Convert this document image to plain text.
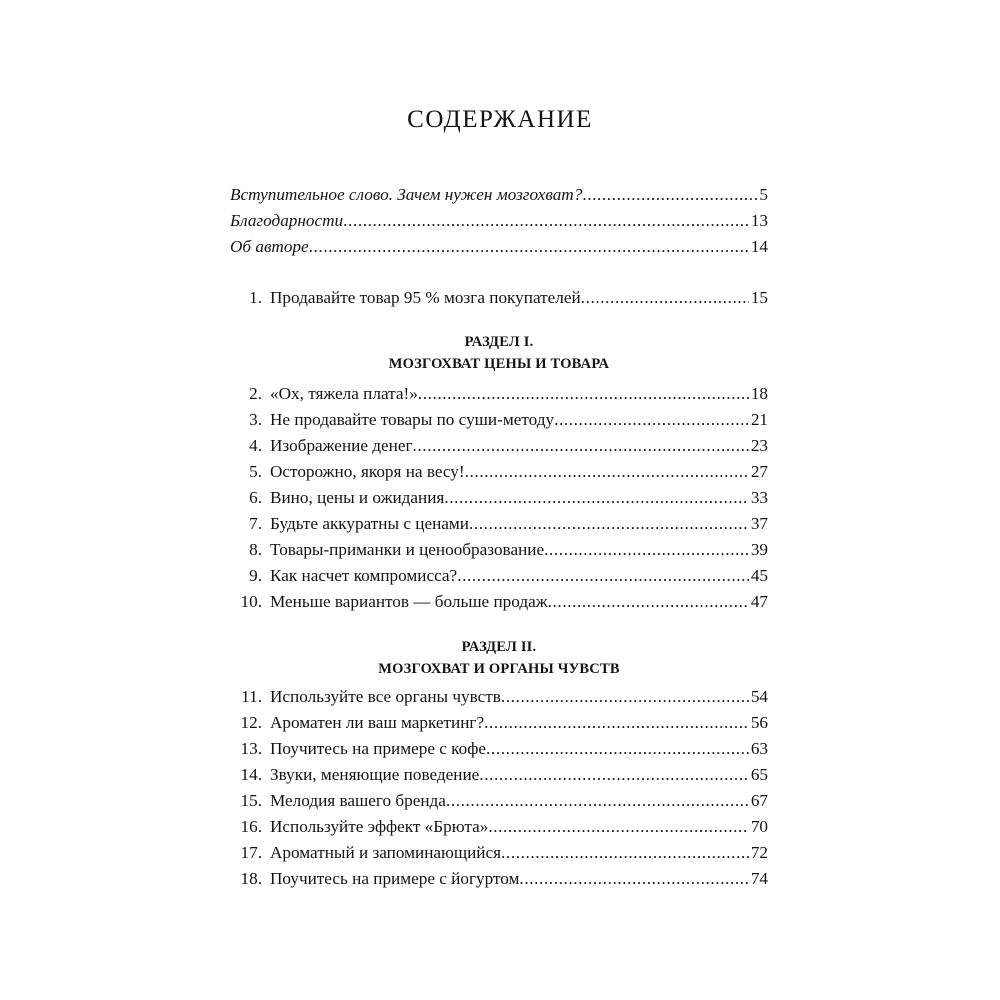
СОДЕРЖАНИЕ
Вступительное слово. Зачем нужен мозгохват? .....	5
Благодарности .....	13
Об авторе .....	14
1. Продавайте товар 95 % мозга покупателей .....	15
РАЗДЕЛ I.
МОЗГОХВАТ ЦЕНЫ И ТОВАРА
2. «Ох, тяжела плата!» .....	18
3. Не продавайте товары по суши-методу .....	21
4. Изображение денег .....	23
5. Осторожно, якоря на весу! .....	27
6. Вино, цены и ожидания .....	33
7. Будьте аккуратны с ценами .....	37
8. Товары-приманки и ценообразование .....	39
9. Как насчет компромисса? .....	45
10. Меньше вариантов — больше продаж .....	47
РАЗДЕЛ II.
МОЗГОХВАТ И ОРГАНЫ ЧУВСТВ
11. Используйте все органы чувств .....	54
12. Ароматен ли ваш маркетинг? .....	56
13. Поучитесь на примере с кофе .....	63
14. Звуки, меняющие поведение .....	65
15. Мелодия вашего бренда .....	67
16. Используйте эффект «Брюта» .....	70
17. Ароматный и запоминающийся .....	72
18. Поучитесь на примере с йогуртом .....	74
